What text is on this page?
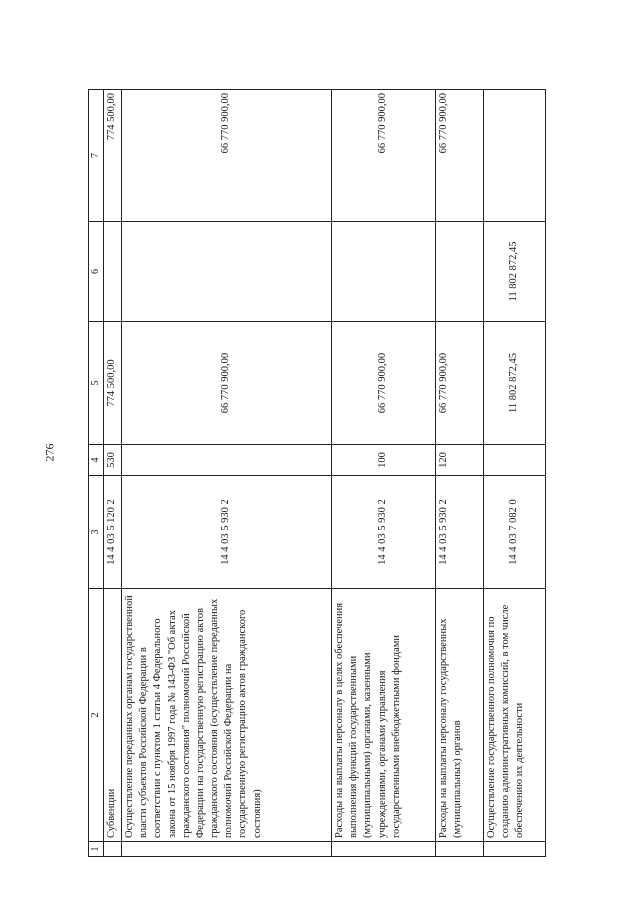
276
1	2	3	4	5	6	7
	Субвенции	14 4 03 5 120 2	530	774 500,00		774 500,00
	Осуществление переданных органам государственной власти субъектов Российской Федерации в соответствии с пунктом 1 статьи 4 Федерального закона от 15 ноября 1997 года № 143-ФЗ "Об актах гражданского состояния" полномочий Российской Федерации на государственную регистрацию актов гражданского состояния (осуществление переданных полномочий Российской Федерации на государственную регистрацию актов гражданского состояния)	14 4 03 5 930 2		66 770 900,00		66 770 900,00
	Расходы на выплаты персоналу в целях обеспечения выполнения функций государственными (муниципальными) органами, казенными учреждениями, органами управления государственными внебюджетными фондами	14 4 03 5 930 2	100	66 770 900,00		66 770 900,00
	Расходы на выплаты персоналу государственных (муниципальных) органов	14 4 03 5 930 2	120	66 770 900,00		66 770 900,00
	Осуществление государственного полномочия по созданию административных комиссий, в том числе обеспечению их деятельности	14 4 03 7 082 0		11 802 872,45	11 802 872,45	
